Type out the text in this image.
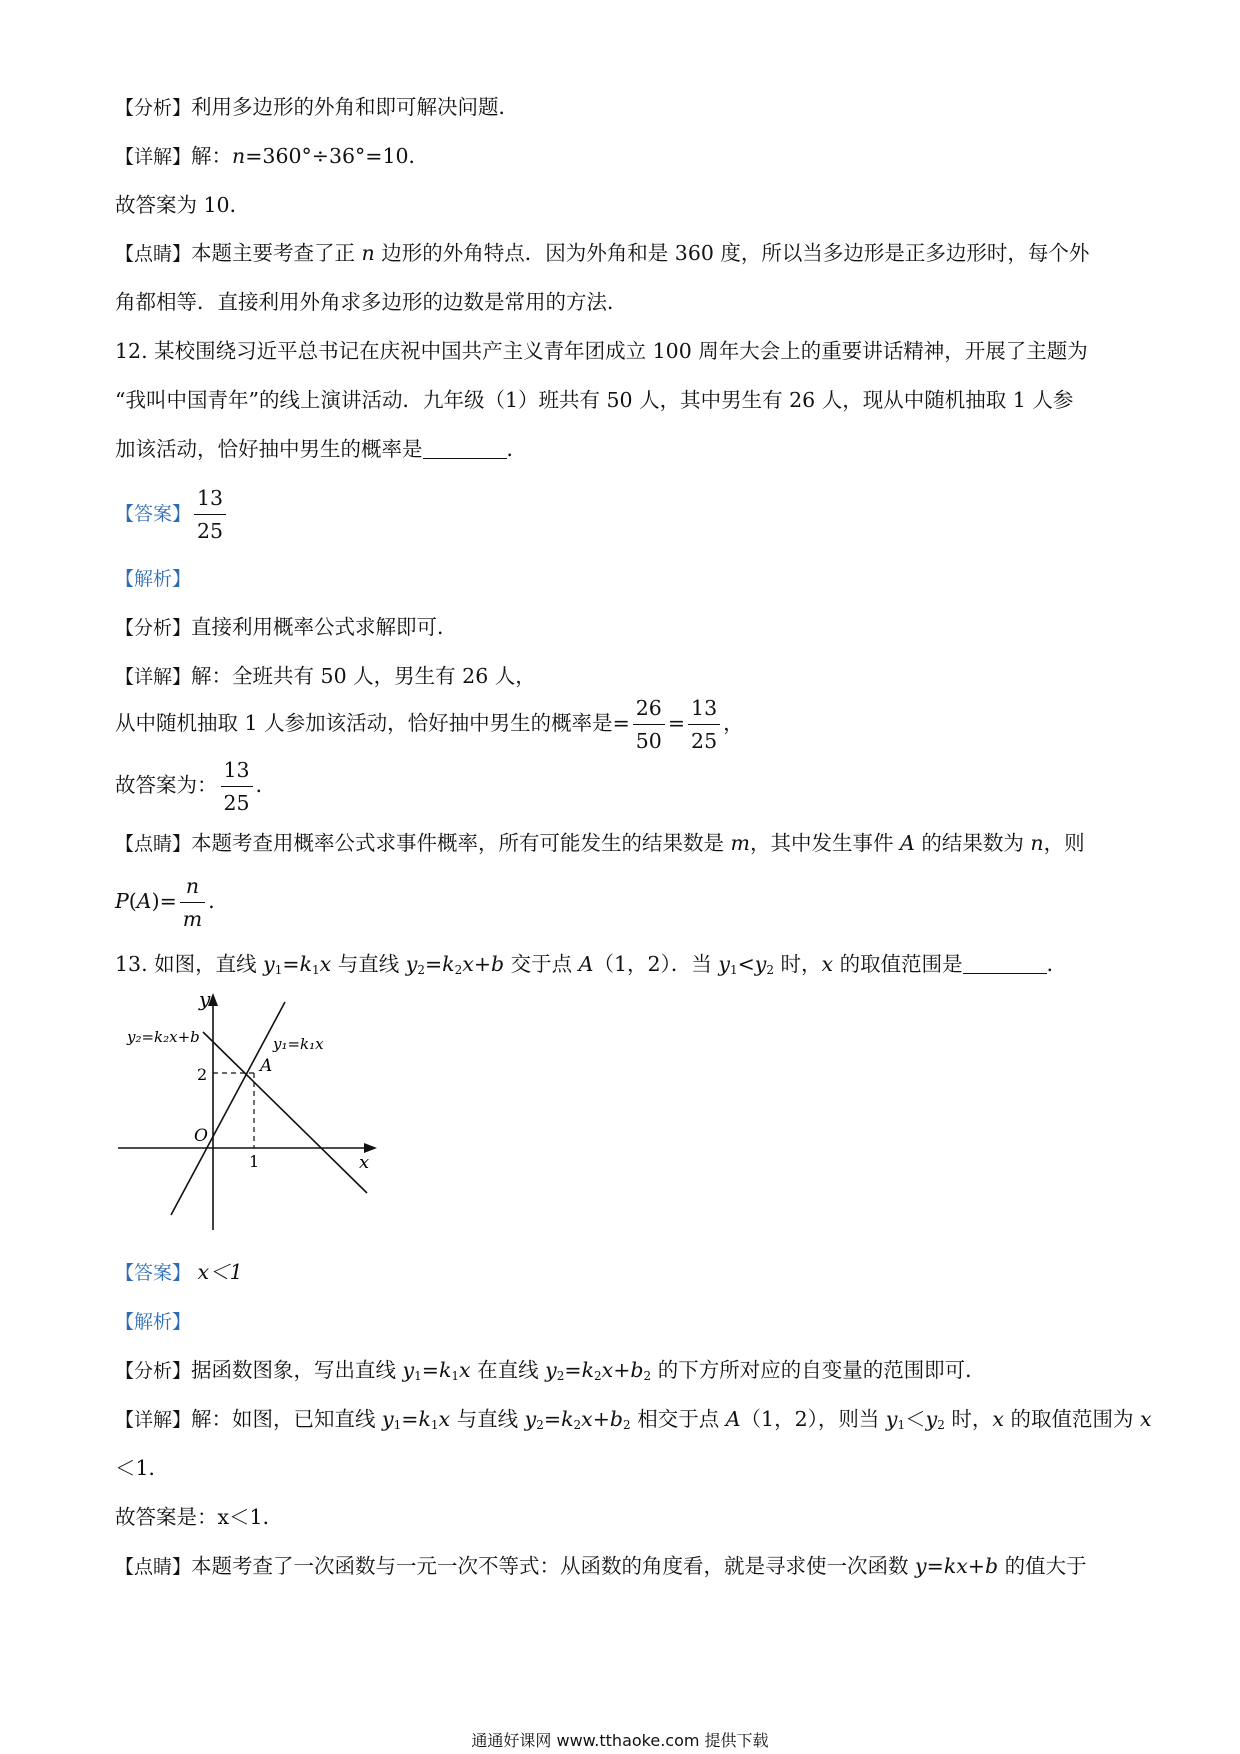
【分析】利用多边形的外角和即可解决问题．
【详解】解：n=360°÷36°=10．
故答案为 10．
【点睛】本题主要考查了正 n 边形的外角特点．因为外角和是 360 度，所以当多边形是正多边形时，每个外
角都相等．直接利用外角求多边形的边数是常用的方法．
12. 某校围绕习近平总书记在庆祝中国共产主义青年团成立 100 周年大会上的重要讲话精神，开展了主题为
“我叫中国青年”的线上演讲活动．九年级（1）班共有 50 人，其中男生有 26 人，现从中随机抽取 1 人参
加该活动，恰好抽中男生的概率是	．
【答案】 $\frac{13}{25}$
【解析】
【分析】直接利用概率公式求解即可．
【详解】解：全班共有 50 人，男生有 26 人，
从中随机抽取 1 人参加该活动，恰好抽中男生的概率是= $\frac{26}{50} = \frac{13}{25}$ ，
故答案为： $\frac{13}{25}$ ．
【点睛】本题考查用概率公式求事件概率，所有可能发生的结果数是 m，其中发生事件 A 的结果数为 n，则
$P(A)= \frac{n}{m}$ ．
13. 如图，直线 $y_1=k_1x$ 与直线 $y_2=k_2x+b$ 交于点 A（1，2）．当 $y_1<y_2$ 时，x 的取值范围是	．
y
x
O
A
2
1
y₂=k₂x+b	y₁=k₁x
【答案】 x＜1
【解析】
【分析】据函数图象，写出直线 $y_1=k_1x$ 在直线 $y_2=k_2x+b_2$ 的下方所对应的自变量的范围即可．
【详解】解：如图，已知直线 $y_1=k_1x$ 与直线 $y_2=k_2x+b_2$ 相交于点 A（1，2），则当 $y_1<y_2$ 时，x 的取值范围为 x
＜1．
故答案是：x＜1．
【点睛】本题考查了一次函数与一元一次不等式：从函数的角度看，就是寻求使一次函数 y=kx+b 的值大于
通通好课网 www.tthaoke.com 提供下载
